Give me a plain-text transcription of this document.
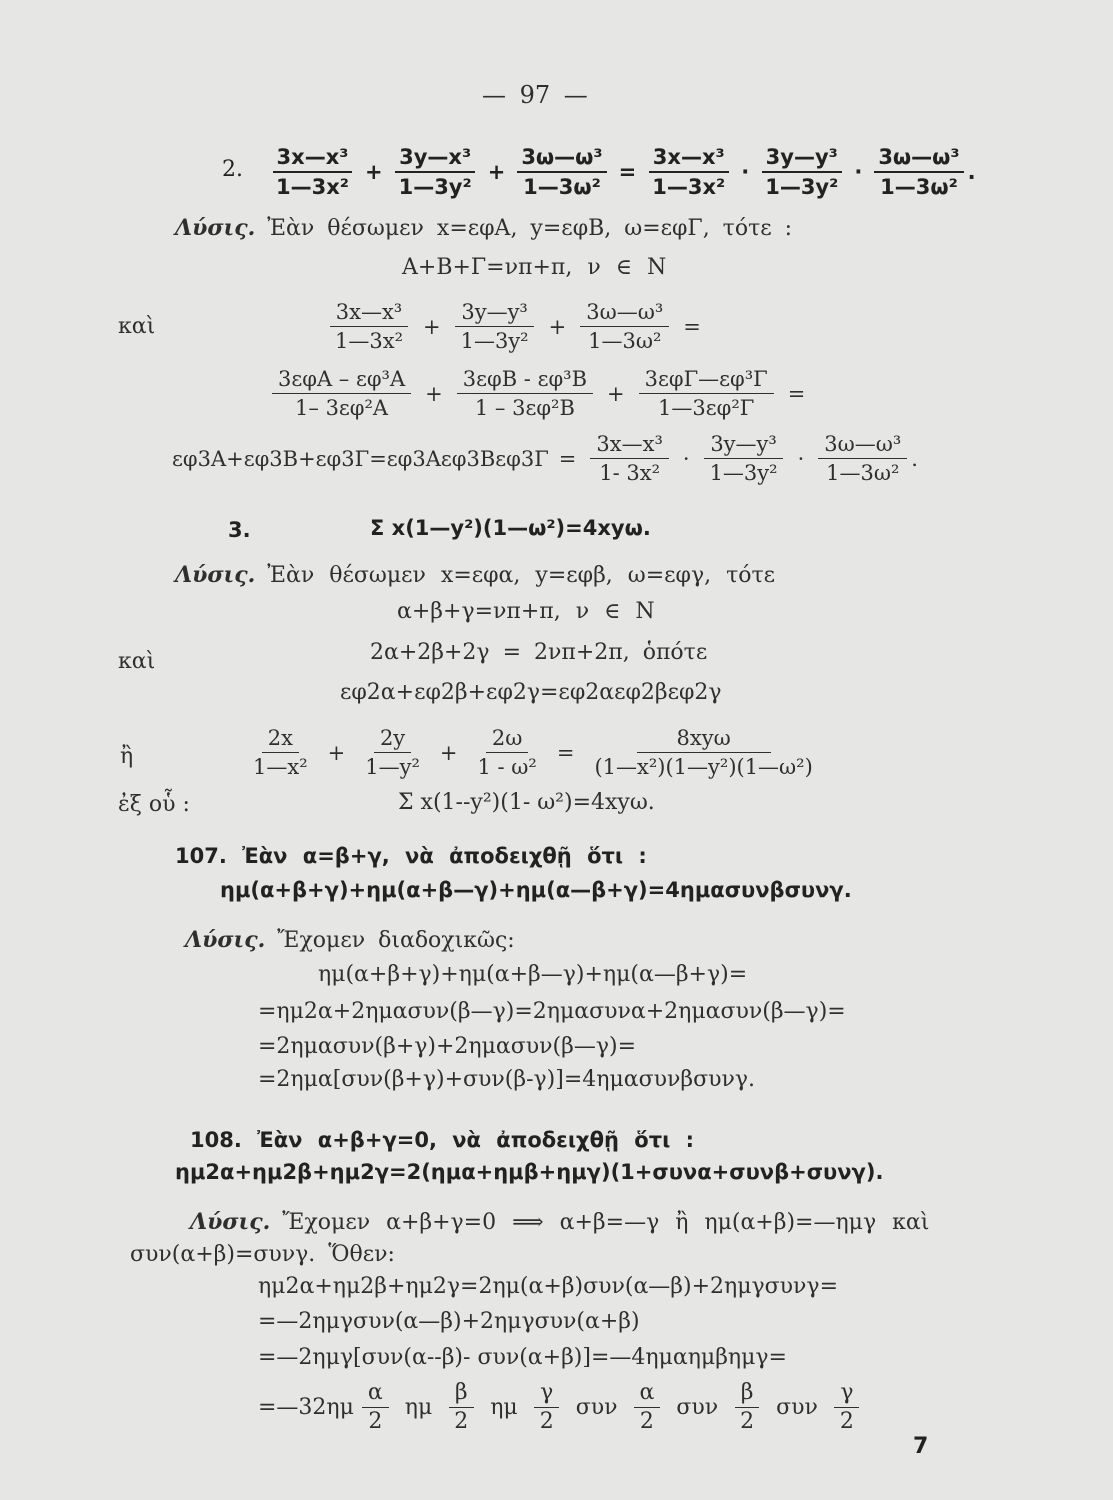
— 97 —
2. $\frac{\text{3x—x³}}{\text{1—3x²}} + \frac{\text{3y—x³}}{\text{1—3y²}} + \frac{\text{3ω—ω³}}{\text{1—3ω²}} = \frac{\text{3x—x³}}{\text{1—3x²}} \cdot \frac{\text{3y—y³}}{\text{1—3y²}} \cdot \frac{\text{3ω—ω³}}{\text{1—3ω²}}$ .
Λύσις. Ἐὰν θέσωμεν x=εφA, y=εφB, ω=εφΓ, τότε :
A+B+Γ=νπ+π, ν ∈ N
καὶ	$\frac{\text{3x—x³}}{\text{1—3x²}} + \frac{\text{3y—y³}}{\text{1—3y²}} + \frac{\text{3ω—ω³}}{\text{1—3ω²}}$ =
$\frac{\text{3εφA – εφ³A}}{\text{1– 3εφ²A}} + \frac{\text{3εφB - εφ³B}}{\text{1 – 3εφ²B}} + \frac{\text{3εφΓ—εφ³Γ}}{\text{1—3εφ²Γ}}$ =
$\varepsilon\varphi 3A+\varepsilon\varphi 3B+\varepsilon\varphi 3\Gamma=\varepsilon\varphi 3A\varepsilon\varphi 3B\varepsilon\varphi 3\Gamma = \frac{\text{3x—x³}}{\text{1- 3x²}} \cdot \frac{\text{3y—y³}}{\text{1—3y²}} \cdot \frac{\text{3ω—ω³}}{\text{1—3ω²}}$ .
3.	Σ x(1—y²)(1—ω²)=4xyω.
Λύσις. Ἐὰν θέσωμεν x=εφα, y=εφβ, ω=εφγ, τότε
α+β+γ=νπ+π, ν ∈ N
καὶ	2α+2β+2γ = 2νπ+2π, ὁπότε
εφ2α+εφ2β+εφ2γ=εφ2αεφ2βεφ2γ
ἢ	$\frac{2x}{\text{1—x²}} + \frac{2y}{\text{1—y²}} + \frac{2\omega}{\text{1 - ω²}} = \frac{\text{8xyω}}{\text{(1—x²)(1—y²)(1—ω²)}}$
ἐξ οὗ :	Σ x(1--y²)(1- ω²)=4xyω.
107. Ἐὰν α=β+γ, νὰ ἀποδειχθῇ ὅτι :
ημ(α+β+γ)+ημ(α+β—γ)+ημ(α—β+γ)=4ημασυνβσυνγ.
Λύσις. Ἔχομεν διαδοχικῶς:
ημ(α+β+γ)+ημ(α+β—γ)+ημ(α—β+γ)=
=ημ2α+2ημασυν(β—γ)=2ημασυνα+2ημασυν(β—γ)=
=2ημασυν(β+γ)+2ημασυν(β—γ)=
=2ημα[συν(β+γ)+συν(β-γ)]=4ημασυνβσυνγ.
108. Ἐὰν α+β+γ=0, νὰ ἀποδειχθῇ ὅτι :
ημ2α+ημ2β+ημ2γ=2(ημα+ημβ+ημγ)(1+συνα+συνβ+συνγ).
Λύσις. Ἔχομεν α+β+γ=0 ⟹ α+β=—γ ἢ ημ(α+β)=—ημγ καὶ
συν(α+β)=συνγ. Ὅθεν:
ημ2α+ημ2β+ημ2γ=2ημ(α+β)συν(α—β)+2ημγσυνγ=
=—2ημγσυν(α—β)+2ημγσυν(α+β)
=—2ημγ[συν(α--β)- συν(α+β)]=—4ημαημβημγ=
=—32ημ $\frac{\alpha}{2}$ ημ $\frac{\beta}{2}$ ημ $\frac{\gamma}{2}$ συν $\frac{\alpha}{2}$ συν $\frac{\beta}{2}$ συν $\frac{\gamma}{2}$
7
